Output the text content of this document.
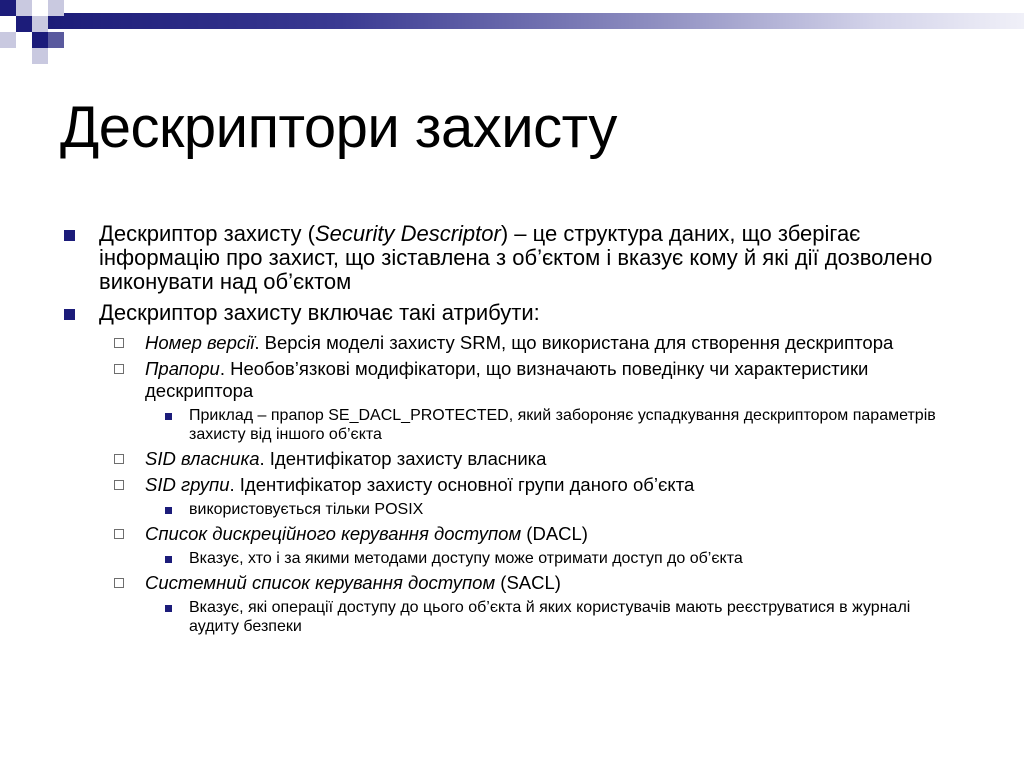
Дескриптори захисту
Дескриптор захисту (Security Descriptor) – це структура даних, що зберігає інформацію про захист, що зіставлена з об’єктом і вказує кому й які дії дозволено виконувати над об’єктом
Дескриптор захисту включає такі атрибути:
Номер версії. Версія моделі захисту SRM, що використана для створення дескриптора
Прапори. Необов’язкові модифікатори, що визначають поведінку чи характеристики дескриптора
Приклад – прапор SE_DACL_PROTECTED, який забороняє успадкування дескриптором параметрів захисту від іншого об’єкта
SID власника. Ідентифікатор захисту власника
SID групи. Ідентифікатор захисту основної групи даного об’єкта
використовується тільки POSIX
Список дискреційного керування доступом (DACL)
Вказує, хто і за якими методами доступу може отримати доступ до об’єкта
Системний список керування доступом (SACL)
Вказує, які операції доступу до цього об’єкта й яких користувачів мають реєструватися в журналі аудиту безпеки
